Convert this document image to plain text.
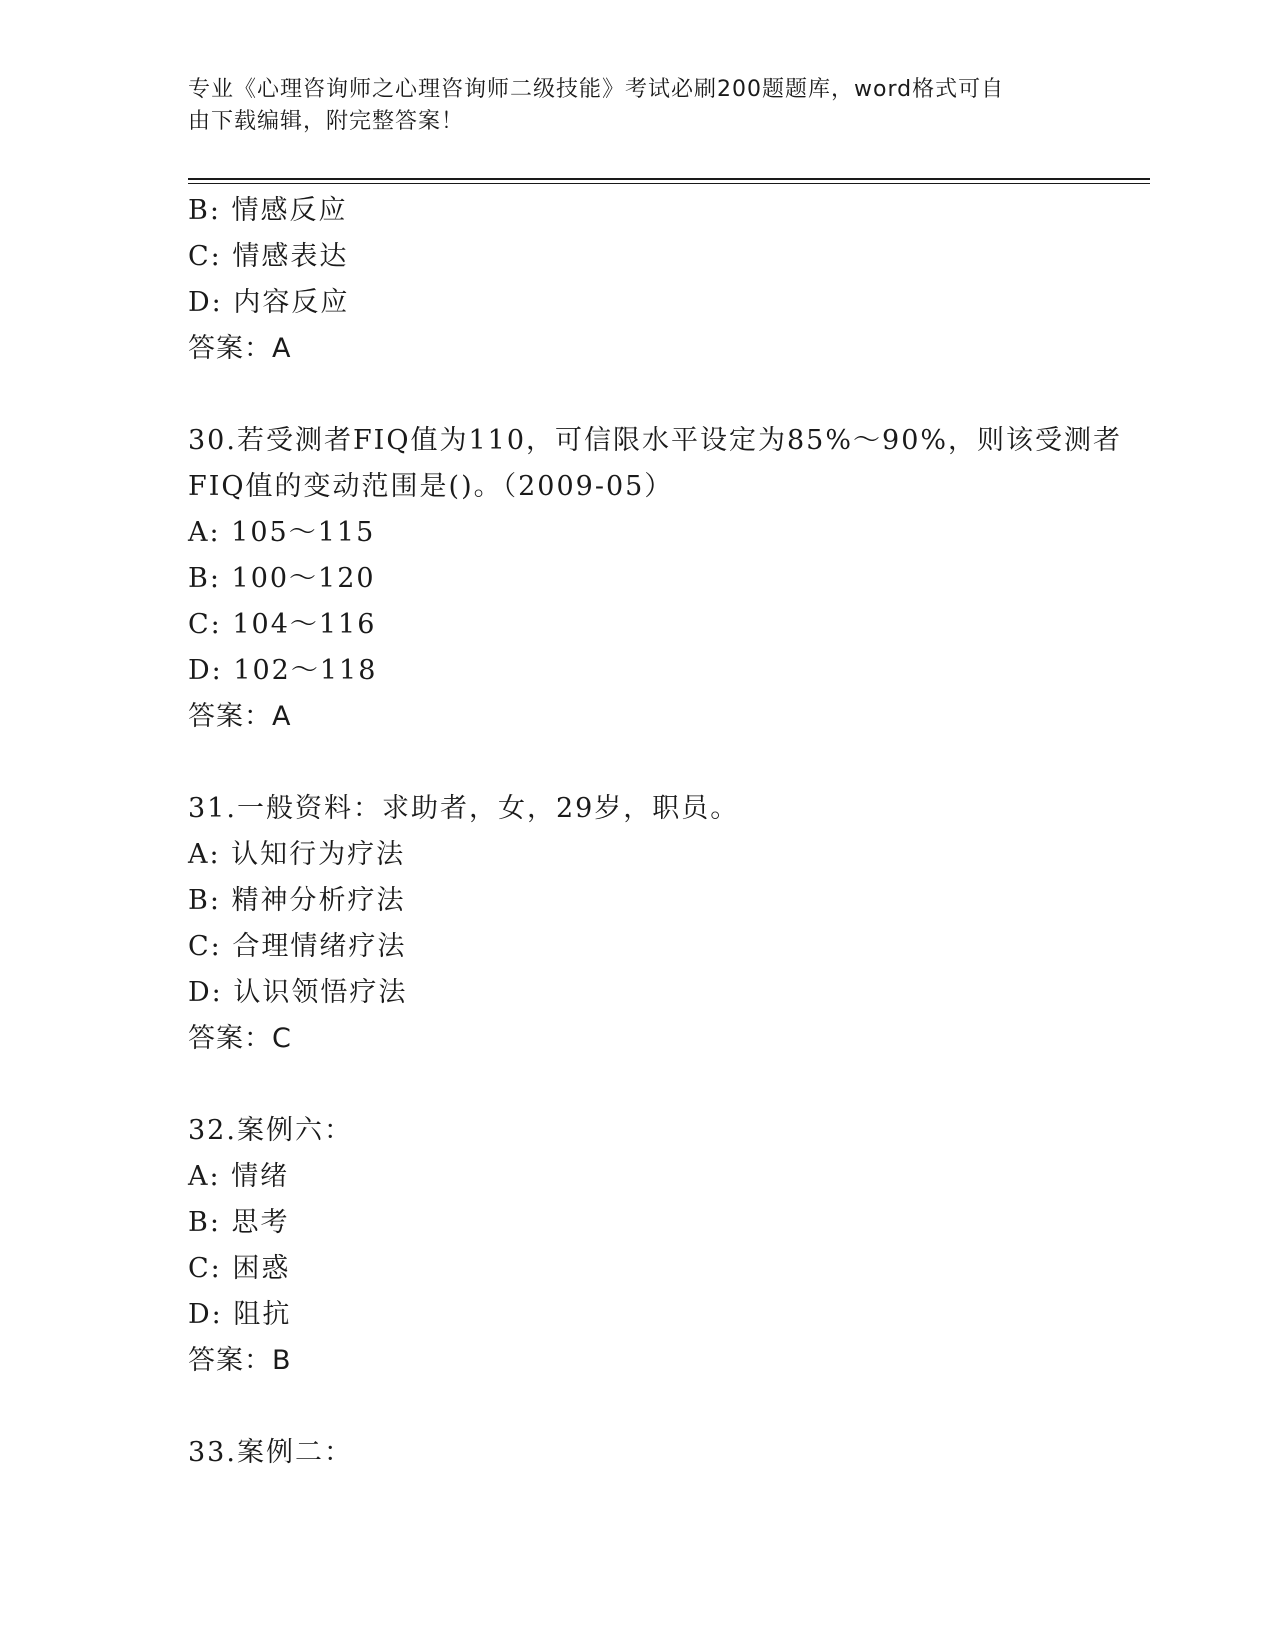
专业《心理咨询师之心理咨询师二级技能》考试必刷200题题库，word格式可自
由下载编辑，附完整答案！
B: 情感反应
C: 情感表达
D: 内容反应
答案：A
30.若受测者FIQ值为110，可信限水平设定为85%～90%，则该受测者
FIQ值的变动范围是()。（2009-05）
A: 105～115
B: 100～120
C: 104～116
D: 102～118
答案：A
31.一般资料：求助者，女，29岁，职员。
A: 认知行为疗法
B: 精神分析疗法
C: 合理情绪疗法
D: 认识领悟疗法
答案：C
32.案例六：
A: 情绪
B: 思考
C: 困惑
D: 阻抗
答案：B
33.案例二：
